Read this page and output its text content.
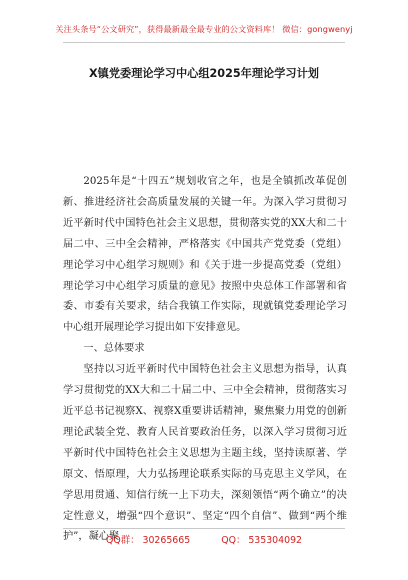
关注头条号“公文研究”，获得最新最全最专业的公文资料库！ 微信：gongwenyj
X镇党委理论学习中心组2025年理论学习计划

2025年是“十四五”规划收官之年，也是全镇抓改革促创新、推进经济社会高质量发展的关键一年。为深入学习贯彻习近平新时代中国特色社会主义思想，贯彻落实党的XX大和二十届二中、三中全会精神，严格落实《中国共产党党委（党组）理论学习中心组学习规则》和《关于进一步提高党委（党组）理论学习中心组学习质量的意见》按照中央总体工作部署和省委、市委有关要求，结合我镇工作实际，现就镇党委理论学习中心组开展理论学习提出如下安排意见。

一、总体要求

坚持以习近平新时代中国特色社会主义思想为指导，认真学习贯彻党的XX大和二十届二中、三中全会精神，贯彻落实习近平总书记视察X、视察X重要讲话精神，聚焦聚力用党的创新理论武装全党、教育人民首要政治任务，以深入学习贯彻习近平新时代中国特色社会主义思想为主题主线，坚持读原著、学原文、悟原理，大力弘扬理论联系实际的马克思主义学风，在学思用贯通、知信行统一上下功夫，深刻领悟“两个确立”的决定性意义，增强“四个意识”、坚定“四个自信”、做到“两个维护”，凝心聚

QQ群： 30265665	QQ： 535304092
